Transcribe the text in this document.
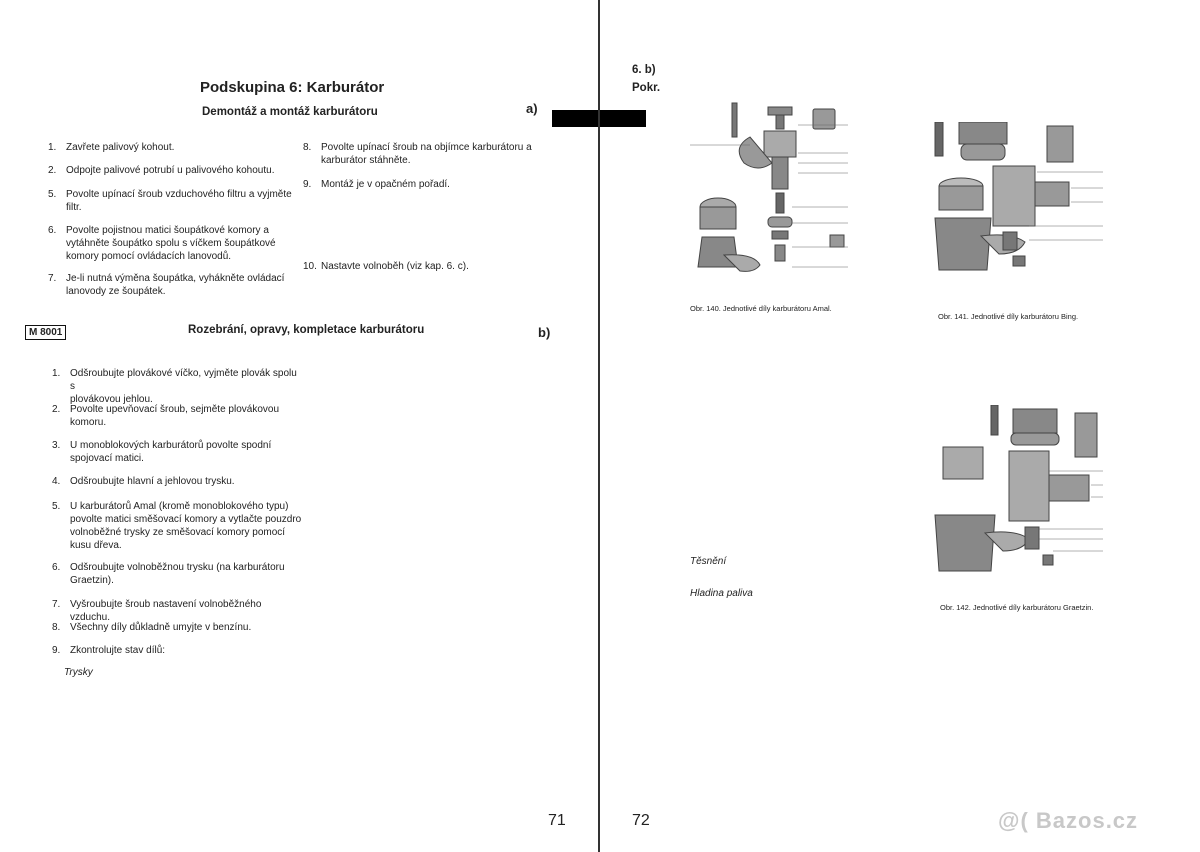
Podskupina 6: Karburátor
Demontáž a montáž karburátoru	a)
1. Zavřete palivový kohout.
2. Odpojte palivové potrubí u palivového kohoutu.
5. Povolte upínací šroub vzduchového filtru a vyjměte
filtr.
6. Povolte pojistnou matici šoupátkové komory a
vytáhněte šoupátko spolu s víčkem šoupátkové
komory pomocí ovládacích lanovodů.
7. Je-li nutná výměna šoupátka, vyhákněte ovládací
lanovody ze šoupátek.
8. Povolte upínací šroub na objímce karburátoru a
karburátor stáhněte.
9. Montáž je v opačném pořadí.
10. Nastavte volnoběh (viz kap. 6. c).
M 8001	Rozebrání, opravy, kompletace karburátoru	b)
1. Odšroubujte plovákové víčko, vyjměte plovák spolu s
plovákovou jehlou.
2. Povolte upevňovací šroub, sejměte plovákovou
komoru.
3. U monoblokových karburátorů povolte spodní
spojovací matici.
4. Odšroubujte hlavní a jehlovou trysku.
5. U karburátorů Amal (kromě monoblokového typu)
povolte matici směšovací komory a vytlačte pouzdro
volnoběžné trysky ze směšovací komory pomocí
kusu dřeva.
6. Odšroubujte volnoběžnou trysku (na karburátoru
Graetzin).
7. Vyšroubujte šroub nastavení volnoběžného vzduchu.
8. Všechny díly důkladně umyjte v benzínu.
9. Zkontrolujte stav dílů:
Trysky
71
6. b)
Pokr.
Obr. 140. Jednotlivé díly karburátoru Amal.
Obr. 141. Jednotlivé díly karburátoru Bing.
Obr. 142. Jednotlivé díly karburátoru Graetzin.
Těsnění
Hladina paliva
72	@( Bazos.cz
